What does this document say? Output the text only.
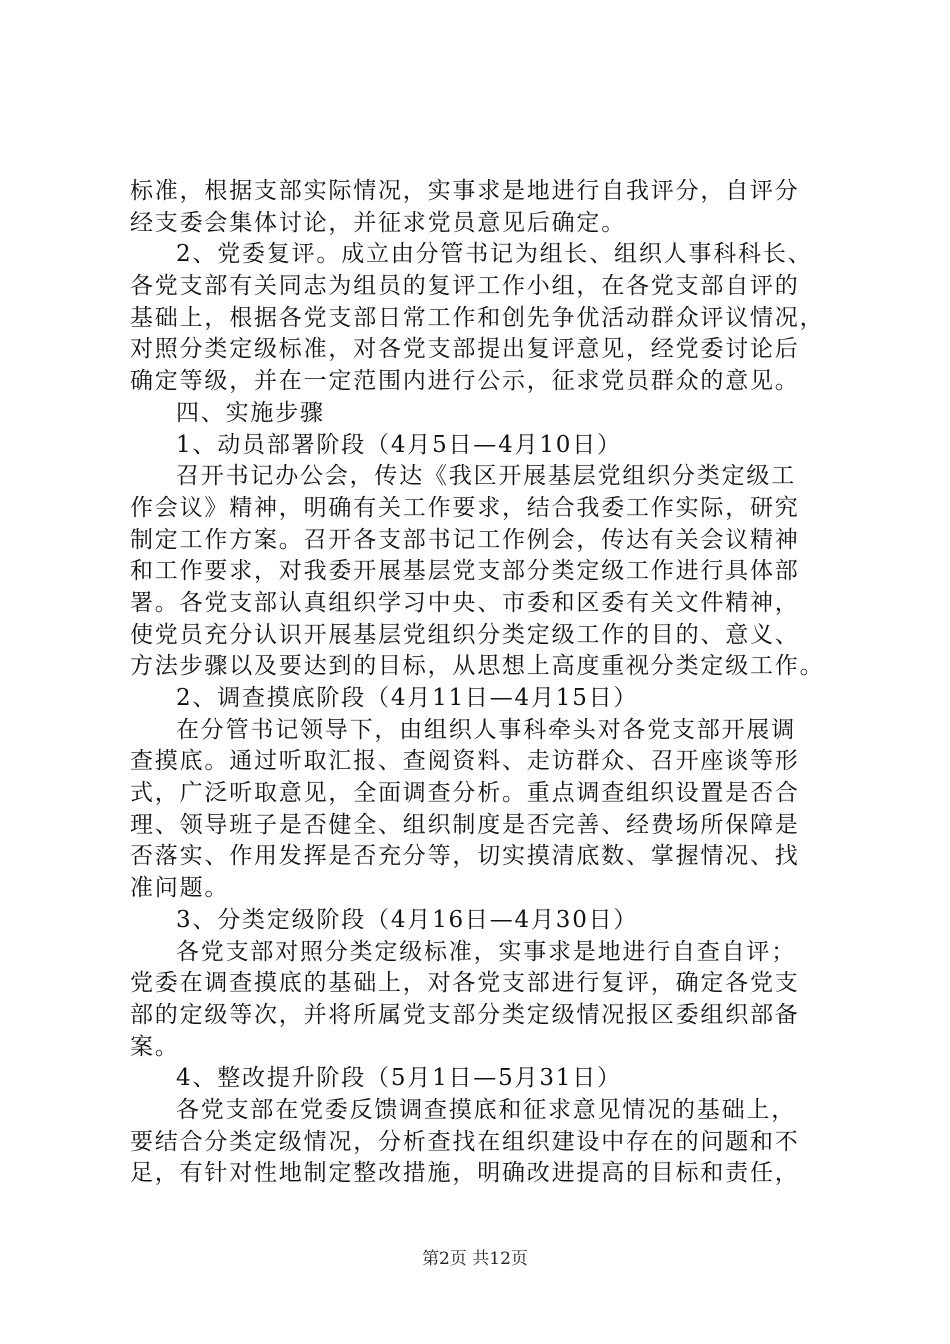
标准，根据支部实际情况，实事求是地进行自我评分，自评分
经支委会集体讨论，并征求党员意见后确定。
2、党委复评。成立由分管书记为组长、组织人事科科长、
各党支部有关同志为组员的复评工作小组，在各党支部自评的
基础上，根据各党支部日常工作和创先争优活动群众评议情况，
对照分类定级标准，对各党支部提出复评意见，经党委讨论后
确定等级，并在一定范围内进行公示，征求党员群众的意见。
四、实施步骤
1、动员部署阶段（4月5日—4月10日）
召开书记办公会，传达《我区开展基层党组织分类定级工
作会议》精神，明确有关工作要求，结合我委工作实际，研究
制定工作方案。召开各支部书记工作例会，传达有关会议精神
和工作要求，对我委开展基层党支部分类定级工作进行具体部
署。各党支部认真组织学习中央、市委和区委有关文件精神，
使党员充分认识开展基层党组织分类定级工作的目的、意义、
方法步骤以及要达到的目标，从思想上高度重视分类定级工作。
2、调查摸底阶段（4月11日—4月15日）
在分管书记领导下，由组织人事科牵头对各党支部开展调
查摸底。通过听取汇报、查阅资料、走访群众、召开座谈等形
式，广泛听取意见，全面调查分析。重点调查组织设置是否合
理、领导班子是否健全、组织制度是否完善、经费场所保障是
否落实、作用发挥是否充分等，切实摸清底数、掌握情况、找
准问题。
3、分类定级阶段（4月16日—4月30日）
各党支部对照分类定级标准，实事求是地进行自查自评；
党委在调查摸底的基础上，对各党支部进行复评，确定各党支
部的定级等次，并将所属党支部分类定级情况报区委组织部备
案。
4、整改提升阶段（5月1日—5月31日）
各党支部在党委反馈调查摸底和征求意见情况的基础上，
要结合分类定级情况，分析查找在组织建设中存在的问题和不
足，有针对性地制定整改措施，明确改进提高的目标和责任，
第2页 共12页
